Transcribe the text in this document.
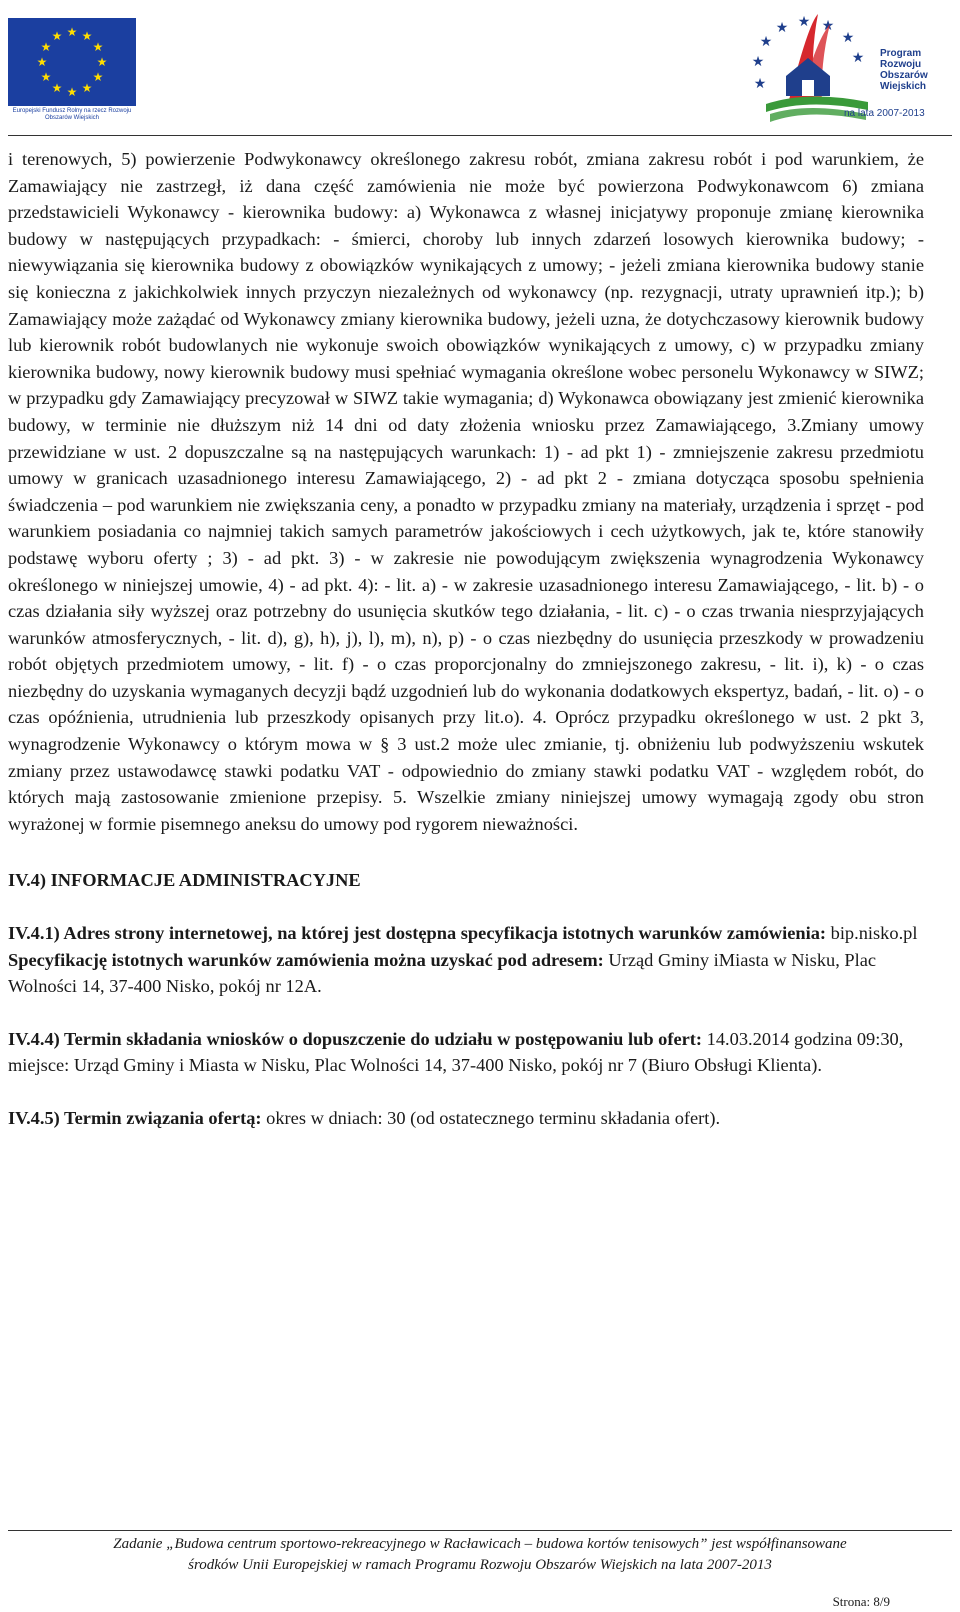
★ ★
★
★
★
★
★
★
★
★
★
★
Europejski Fundusz Rolny na rzecz Rozwoju Obszarów Wiejskich
★
★
★ ★ ★
★
★
★
Program
Rozwoju
Obszarów
Wiejskich
na lata 2007-2013

i terenowych, 5) powierzenie Podwykonawcy określonego zakresu robót, zmiana zakresu robót i pod warunkiem, że Zamawiający nie zastrzegł, iż dana część zamówienia nie może być powierzona Podwykonawcom 6) zmiana przedstawicieli Wykonawcy - kierownika budowy: a) Wykonawca z własnej inicjatywy proponuje zmianę kierownika budowy w następujących przypadkach: - śmierci, choroby lub innych zdarzeń losowych kierownika budowy; - niewywiązania się kierownika budowy z obowiązków wynikających z umowy; - jeżeli zmiana kierownika budowy stanie się konieczna z jakichkolwiek innych przyczyn niezależnych od wykonawcy (np. rezygnacji, utraty uprawnień itp.); b) Zamawiający może zażądać od Wykonawcy zmiany kierownika budowy, jeżeli uzna, że dotychczasowy kierownik budowy lub kierownik robót budowlanych nie wykonuje swoich obowiązków wynikających z umowy, c) w przypadku zmiany kierownika budowy, nowy kierownik budowy musi spełniać wymagania określone wobec personelu Wykonawcy w SIWZ; w przypadku gdy Zamawiający precyzował w SIWZ takie wymagania; d) Wykonawca obowiązany jest zmienić kierownika budowy, w terminie nie dłuższym niż 14 dni od daty złożenia wniosku przez Zamawiającego, 3.Zmiany umowy przewidziane w ust. 2 dopuszczalne są na następujących warunkach: 1) - ad pkt 1) - zmniejszenie zakresu przedmiotu umowy w granicach uzasadnionego interesu Zamawiającego, 2) - ad pkt 2 - zmiana dotycząca sposobu spełnienia świadczenia – pod warunkiem nie zwiększania ceny, a ponadto w przypadku zmiany na materiały, urządzenia i sprzęt - pod warunkiem posiadania co najmniej takich samych parametrów jakościowych i cech użytkowych, jak te, które stanowiły podstawę wyboru oferty ; 3) - ad pkt. 3) - w zakresie nie powodującym zwiększenia wynagrodzenia Wykonawcy określonego w niniejszej umowie, 4) - ad pkt. 4): - lit. a) - w zakresie uzasadnionego interesu Zamawiającego, - lit. b) - o czas działania siły wyższej oraz potrzebny do usunięcia skutków tego działania, - lit. c) - o czas trwania niesprzyjających warunków atmosferycznych, - lit. d), g), h), j), l), m), n), p) - o czas niezbędny do usunięcia przeszkody w prowadzeniu robót objętych przedmiotem umowy, - lit. f) - o czas proporcjonalny do zmniejszonego zakresu, - lit. i), k) - o czas niezbędny do uzyskania wymaganych decyzji bądź uzgodnień lub do wykonania dodatkowych ekspertyz, badań, - lit. o) - o czas opóźnienia, utrudnienia lub przeszkody opisanych przy lit.o). 4. Oprócz przypadku określonego w ust. 2 pkt 3, wynagrodzenie Wykonawcy o którym mowa w § 3 ust.2 może ulec zmianie, tj. obniżeniu lub podwyższeniu wskutek zmiany przez ustawodawcę stawki podatku VAT - odpowiednio do zmiany stawki podatku VAT - względem robót, do których mają zastosowanie zmienione przepisy. 5. Wszelkie zmiany niniejszej umowy wymagają zgody obu stron wyrażonej w formie pisemnego aneksu do umowy pod rygorem nieważności.

IV.4) INFORMACJE ADMINISTRACYJNE
IV.4.1) Adres strony internetowej, na której jest dostępna specyfikacja istotnych warunków zamówienia: bip.nisko.pl
Specyfikację istotnych warunków zamówienia można uzyskać pod adresem: Urząd Gminy iMiasta w Nisku, Plac Wolności 14, 37-400 Nisko, pokój nr 12A.
IV.4.4) Termin składania wniosków o dopuszczenie do udziału w postępowaniu lub ofert: 14.03.2014 godzina 09:30, miejsce: Urząd Gminy i Miasta w Nisku, Plac Wolności 14, 37-400 Nisko, pokój nr 7 (Biuro Obsługi Klienta).
IV.4.5) Termin związania ofertą: okres w dniach: 30 (od ostatecznego terminu składania ofert).
Zadanie „Budowa centrum sportowo-rekreacyjnego w Racławicach – budowa kortów tenisowych” jest współfinansowane
środków Unii Europejskiej w ramach Programu Rozwoju Obszarów Wiejskich na lata 2007-2013
Strona: 8/9
